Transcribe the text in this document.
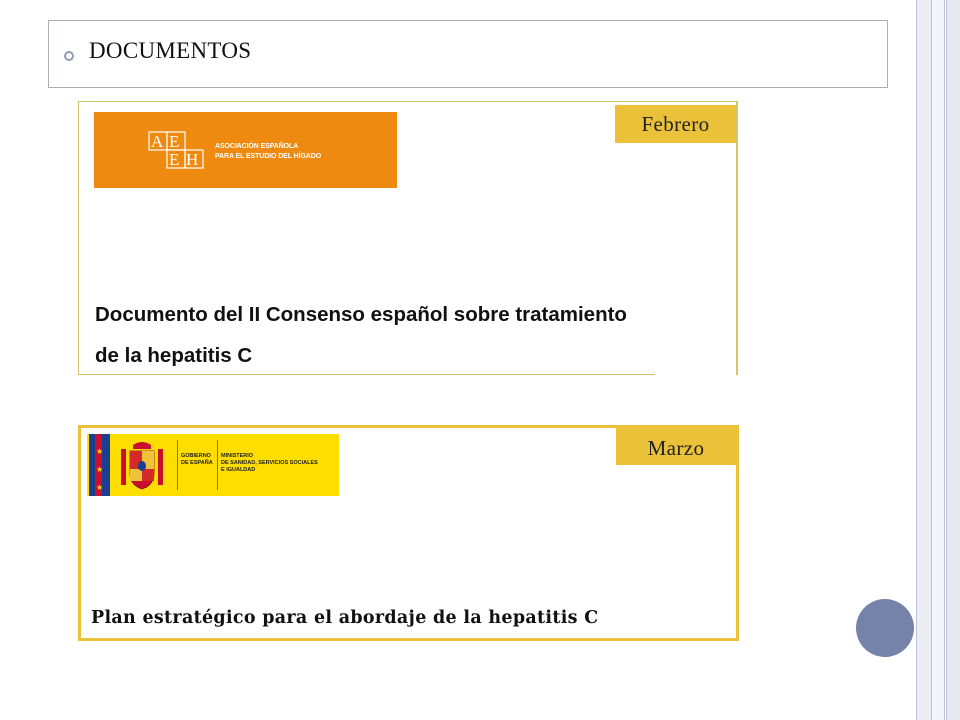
DOCUMENTOS
Febrero
A E
E H
ASOCIACIÓN ESPAÑOLA
PARA EL ESTUDIO DEL HÍGADO
Documento del II Consenso español sobre tratamiento
de la hepatitis C
Marzo
★
★
★
GOBIERNO
DE ESPAÑA
MINISTERIO
DE SANIDAD, SERVICIOS SOCIALES
E IGUALDAD
Plan estratégico para el abordaje de la hepatitis C
